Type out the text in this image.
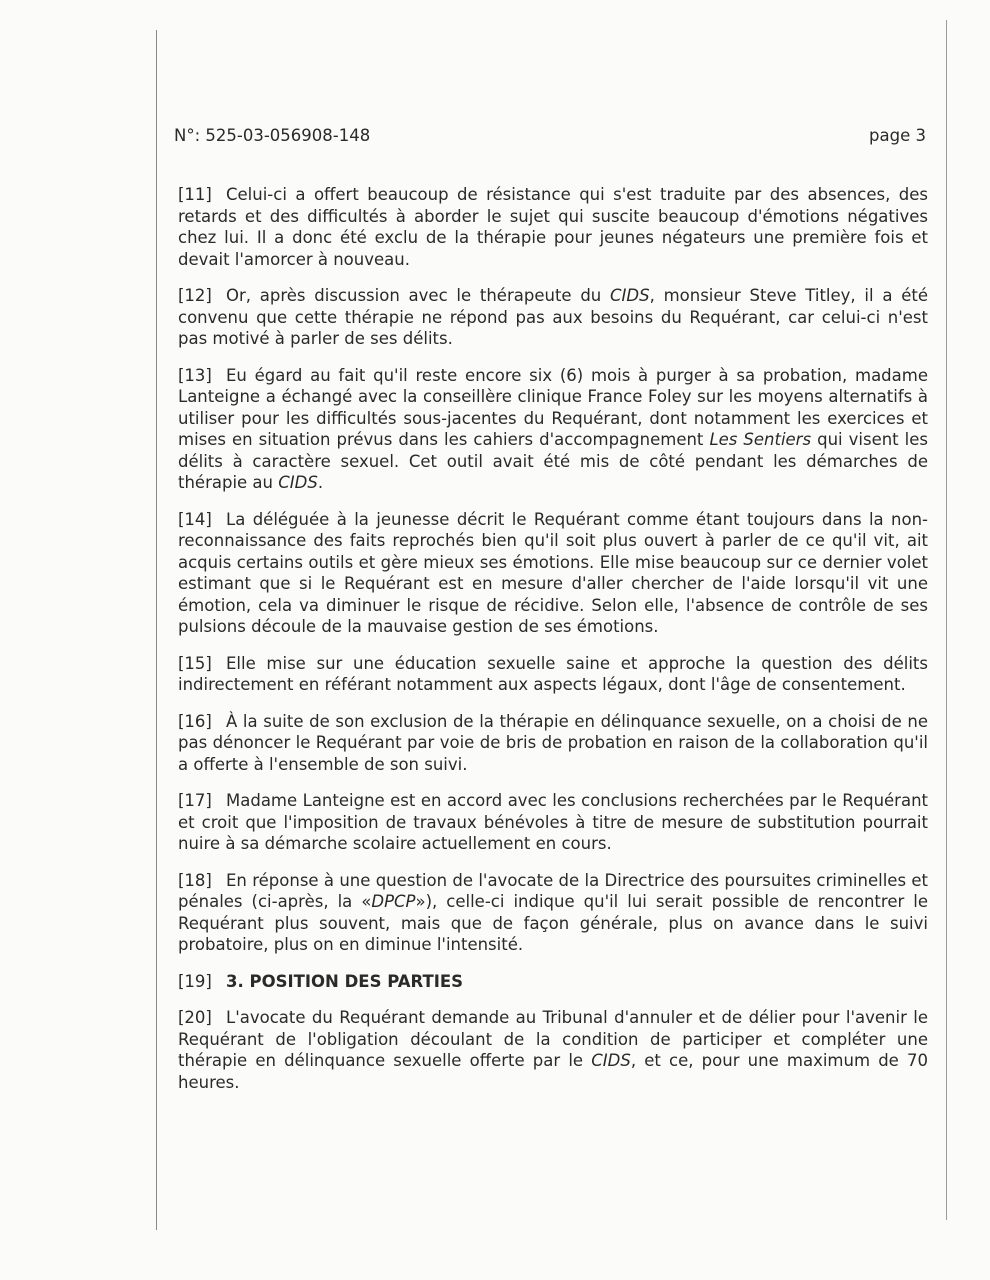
N°: 525-03-056908-148	page 3

[11] Celui-ci a offert beaucoup de résistance qui s'est traduite par des absences, des retards et des difficultés à aborder le sujet qui suscite beaucoup d'émotions négatives chez lui. Il a donc été exclu de la thérapie pour jeunes négateurs une première fois et devait l'amorcer à nouveau.

[12] Or, après discussion avec le thérapeute du CIDS, monsieur Steve Titley, il a été convenu que cette thérapie ne répond pas aux besoins du Requérant, car celui-ci n'est pas motivé à parler de ses délits.

[13] Eu égard au fait qu'il reste encore six (6) mois à purger à sa probation, madame Lanteigne a échangé avec la conseillère clinique France Foley sur les moyens alternatifs à utiliser pour les difficultés sous-jacentes du Requérant, dont notamment les exercices et mises en situation prévus dans les cahiers d'accompagnement Les Sentiers qui visent les délits à caractère sexuel. Cet outil avait été mis de côté pendant les démarches de thérapie au CIDS.

[14] La déléguée à la jeunesse décrit le Requérant comme étant toujours dans la non-reconnaissance des faits reprochés bien qu'il soit plus ouvert à parler de ce qu'il vit, ait acquis certains outils et gère mieux ses émotions. Elle mise beaucoup sur ce dernier volet estimant que si le Requérant est en mesure d'aller chercher de l'aide lorsqu'il vit une émotion, cela va diminuer le risque de récidive. Selon elle, l'absence de contrôle de ses pulsions découle de la mauvaise gestion de ses émotions.

[15] Elle mise sur une éducation sexuelle saine et approche la question des délits indirectement en référant notamment aux aspects légaux, dont l'âge de consentement.

[16] À la suite de son exclusion de la thérapie en délinquance sexuelle, on a choisi de ne pas dénoncer le Requérant par voie de bris de probation en raison de la collaboration qu'il a offerte à l'ensemble de son suivi.

[17] Madame Lanteigne est en accord avec les conclusions recherchées par le Requérant et croit que l'imposition de travaux bénévoles à titre de mesure de substitution pourrait nuire à sa démarche scolaire actuellement en cours.

[18] En réponse à une question de l'avocate de la Directrice des poursuites criminelles et pénales (ci-après, la «DPCP»), celle-ci indique qu'il lui serait possible de rencontrer le Requérant plus souvent, mais que de façon générale, plus on avance dans le suivi probatoire, plus on en diminue l'intensité.

[19] 3. POSITION DES PARTIES

[20] L'avocate du Requérant demande au Tribunal d'annuler et de délier pour l'avenir le Requérant de l'obligation découlant de la condition de participer et compléter une thérapie en délinquance sexuelle offerte par le CIDS, et ce, pour une maximum de 70 heures.
